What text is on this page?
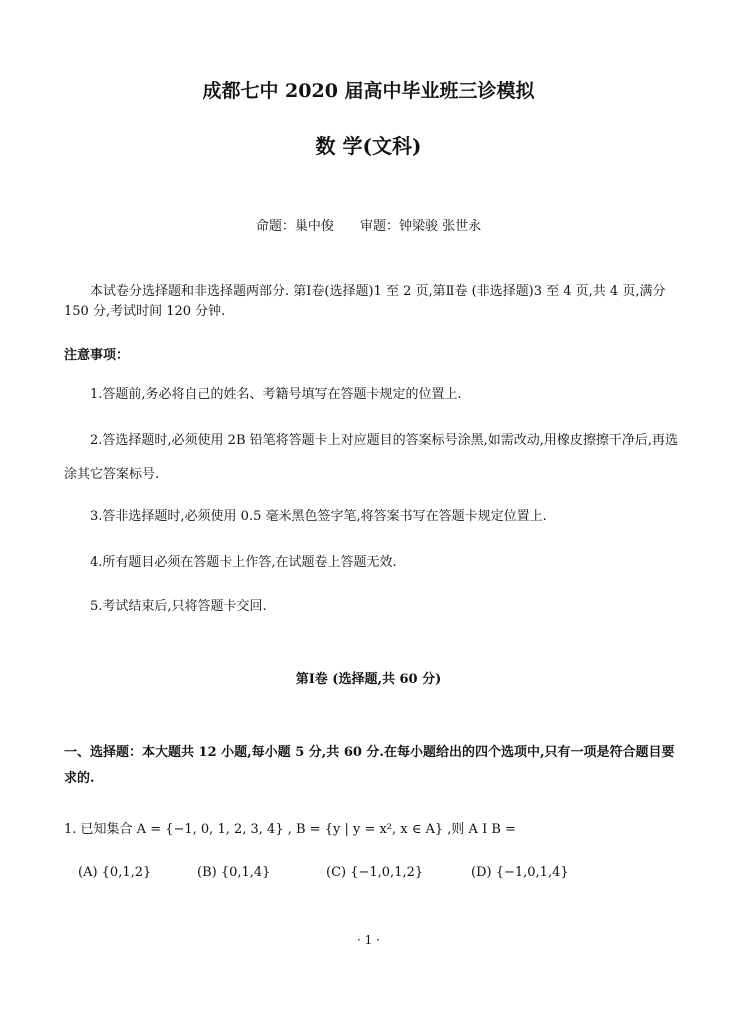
成都七中 2020 届高中毕业班三诊模拟
数 学(文科)
命题：巢中俊 审题：钟梁骏 张世永
本试卷分选择题和非选择题两部分. 第Ⅰ卷(选择题)1 至 2 页,第Ⅱ卷 (非选择题)3 至 4 页,共 4 页,满分 150 分,考试时间 120 分钟.
注意事项：
1.答题前,务必将自己的姓名、考籍号填写在答题卡规定的位置上.
2.答选择题时,必须使用 2B 铅笔将答题卡上对应题目的答案标号涂黑,如需改动,用橡皮擦擦干净后,再选涂其它答案标号.
3.答非选择题时,必须使用 0.5 毫米黑色签字笔,将答案书写在答题卡规定位置上.
4.所有题目必须在答题卡上作答,在试题卷上答题无效.
5.考试结束后,只将答题卡交回.
第Ⅰ卷 (选择题,共 60 分)
一、选择题：本大题共 12 小题,每小题 5 分,共 60 分.在每小题给出的四个选项中,只有一项是符合题目要求的.
1. 已知集合 A = {−1, 0, 1, 2, 3, 4} , B = {y | y = x², x ∈ A} ,则 A I B =
(A) {0,1,2}	(B) {0,1,4}	(C) {−1,0,1,2}	(D) {−1,0,1,4}
· 1 ·
